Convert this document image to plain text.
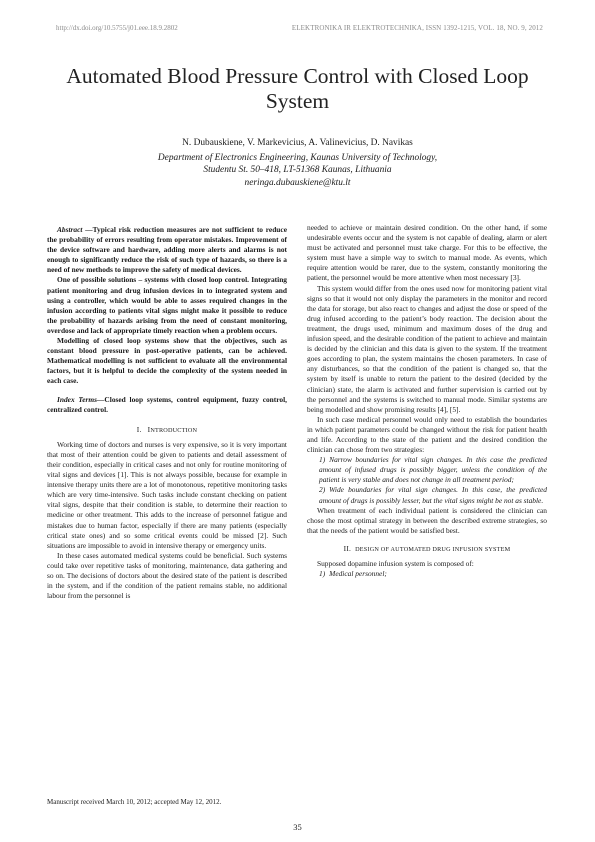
http://dx.doi.org/10.5755/j01.eee.18.9.2802	ELEKTRONIKA IR ELEKTROTECHNIKA, ISSN 1392-1215, VOL. 18, NO. 9, 2012
Automated Blood Pressure Control with Closed Loop System
N. Dubauskiene, V. Markevicius, A. Valinevicius, D. Navikas
Department of Electronics Engineering, Kaunas University of Technology,
Studentu St. 50–418, LT-51368 Kaunas, Lithuania
neringa.dubauskiene@ktu.lt

Abstract —Typical risk reduction measures are not sufficient to reduce the probability of errors resulting from operator mistakes. Improvement of the device software and hardware, adding more alerts and alarms is not enough to significantly reduce the risk of such type of hazards, so there is a need of new methods to improve the safety of medical devices.

One of possible solutions – systems with closed loop control. Integrating patient monitoring and drug infusion devices in to integrated system and using a controller, which would be able to asses required changes in the infusion according to patients vital signs might make it possible to reduce the probability of hazards arising from the need of constant monitoring, overdose and lack of appropriate timely reaction when a problem occurs.

Modelling of closed loop systems show that the objectives, such as constant blood pressure in post-operative patients, can be achieved. Mathematical modelling is not sufficient to evaluate all the environmental factors, but it is helpful to decide the complexity of the system needed in each case.

Index Terms—Closed loop systems, control equipment, fuzzy control, centralized control.

I. INTRODUCTION

Working time of doctors and nurses is very expensive, so it is very important that most of their attention could be given to patients and detail assessment of their condition, especially in critical cases and not only for routine monitoring of vital signs and devices [1]. This is not always possible, because for example in intensive therapy units there are a lot of monotonous, repetitive monitoring tasks which are very time-intensive. Such tasks include constant checking on patient vital signs, despite that their condition is stable, to determine their reaction to medicine or other treatment. This adds to the increase of personnel fatigue and mistakes due to human factor, especially if there are many patients (especially critical state ones) and so some critical events could be missed [2]. Such situations are impossible to avoid in intensive therapy or emergency units.

In these cases automated medical systems could be beneficial. Such systems could take over repetitive tasks of monitoring, maintenance, data gathering and so on. The decisions of doctors about the desired state of the patient is described in the system, and if the condition of the patient remains stable, no additional labour from the personnel is

needed to achieve or maintain desired condition. On the other hand, if some undesirable events occur and the system is not capable of dealing, alarm or alert must be activated and personnel must take charge. For this to be effective, the system must have a simple way to switch to manual mode. As events, which require attention would be rarer, due to the system, constantly monitoring the patient, the personnel would be more attentive when most necessary [3].

This system would differ from the ones used now for monitoring patient vital signs so that it would not only display the parameters in the monitor and record the data for storage, but also react to changes and adjust the dose or speed of the drug infused according to the patient’s body reaction. The decision about the treatment, the drugs used, minimum and maximum doses of the drug and infusion speed, and the desirable condition of the patient to achieve and maintain is decided by the clinician and this data is given to the system. If the treatment goes according to plan, the system maintains the chosen parameters. In case of any disturbances, so that the condition of the patient is changed so, that the system by itself is unable to return the patient to the desired (decided by the clinician) state, the alarm is activated and further supervision is carried out by the personnel and the systems is switched to manual mode. Similar systems are being modelled and show promising results [4], [5].

In such case medical personnel would only need to establish the boundaries in which patient parameters could be changed without the risk for patient health and life. According to the state of the patient and the desired condition the clinician can chose from two strategies:

1) Narrow boundaries for vital sign changes. In this case the predicted amount of infused drugs is possibly bigger, unless the condition of the patient is very stable and does not change in all treatment period;

2) Wide boundaries for vital sign changes. In this case, the predicted amount of drugs is possibly lesser, but the vital signs might be not as stable.

When treatment of each individual patient is considered the clinician can chose the most optimal strategy in between the described extreme strategies, so that the needs of the patient would be satisfied best.

II. DESIGN OF AUTOMATED DRUG INFUSION SYSTEM

Supposed dopamine infusion system is composed of:

1) Medical personnel;

Manuscript received March 10, 2012; accepted May 12, 2012.
35
